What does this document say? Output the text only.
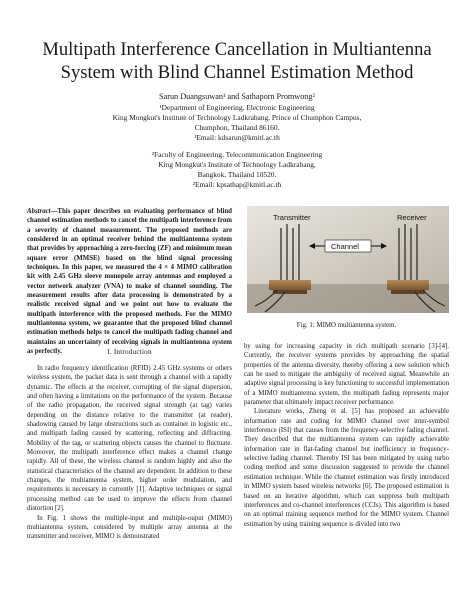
Multipath Interference Cancellation in Multiantenna
System with Blind Channel Estimation Method
Sarun Duangsuwan¹ and Sathaporn Promwong²
¹Department of Engineering, Electronic Engineering
King Mongkut's Institute of Technology Ladkrabang, Prince of Chumphon Campus,
Chumphon, Thailand 86160.
¹Email: kdsarun@kmitl.ac.th
²Faculty of Engineering, Telecommunication Engineering
King Mongkut's Institute of Technology Ladkrabang,
Bangkok, Thailand 10520.
²Email: kpsathap@kmitl.ac.th
Abstract—This paper describes on evaluating performance of blind channel estimation methods to cancel the multipath interference from a severity of channel measurement. The proposed methods are considered in an optimal receiver behind the multiantenna system that provides by approaching a zero-forcing (ZF) and minimum mean square error (MMSE) based on the blind signal processing techniques. In this paper, we measured the 4 × 4 MIMO calibration kit with 2.45 GHz sleeve monopole array antennas and employed a vector network analyzer (VNA) to make of channel sounding. The measurement results after data processing is demonstrated by a realistic received signal and we point out how to evaluate the multipath interference with the proposed methods. For the MIMO multiantenna system, we guarantee that the proposed blind channel estimation methods helps to cancel the multipath fading channel and maintains an uncertainty of receiving signals in multiantenna system as perfectly.	I. Introduction

In radio frequency identification (RFID) 2.45 GHz systems or others wireless system, the packet data is sent through a channel with a rapidly dynamic. The effects at the receiver, corrupting of the signal dispersion, and often having a limitations on the performance of the system. Because of the radio propagation, the received signal strength (at tag) varies depending on the distance relative to the transmitter (at reader), shadowing caused by large obstructions such as container in logistic etc., and multipath fading caused by scattering, reflecting and diffracting. Mobility of the tag, or scattering objects causes the channel to fluctuate. Moreover, the multipath interference effect makes a channel change rapidly. All of these, the wireless channel is random highly and also the statistical characteristics of the channel are dependent. In addition to these changes, the multiantenna system, higher order modulation, and requirements is necessary in currently [1]. Adaptive techniques or signal processing method can be used to improve the effects from channel distortion [2].

In Fig. 1 shows the multiple-input and multiple-ouput (MIMO) multiantenna system, considered by multiple array antenna at the transmitter and receiver, MIMO is demonstrated

Transmitter	Receiver
Channel
Fig. 1: MIMO multiantenna system.

by using for increasing capacity in rich multipath scenario [3]-[4]. Currently, the receiver systems provides by approaching the spatial properties of the antenna diversity, thereby offering a new solution which can be used to mitigate the ambiguity of received signal. Meanwhile an adaptive signal processing is key functioning to successful implementation of a MIMO multiantenna system, the multipath fading represents major parameter that ultimately impact receiver performance.

Literature works, Zheng et al. [5] has proposed an achievable information rate and coding for MIMO channel over inter-symbol interference (ISI) that causes from the frequency-selective fading channel. They described that the multiantenna system can rapidly achievable information rate in flat-fading channel but inefficiency in frequency-selective fading channel. Thereby ISI has been mitigated by using turbo coding method and some discussion suggested to provide the channel estimation technique. While the channel estimation was firstly introduced in MIMO system based wireless networks [6]. The proposed estimation is based on an iterative algorithm, which can suppress both multipath interferences and co-channel interferences (CCIs). This algorithm is based on an optimal training sequence method for the MIMO system. Channel estimation by using training sequence is divided into two
